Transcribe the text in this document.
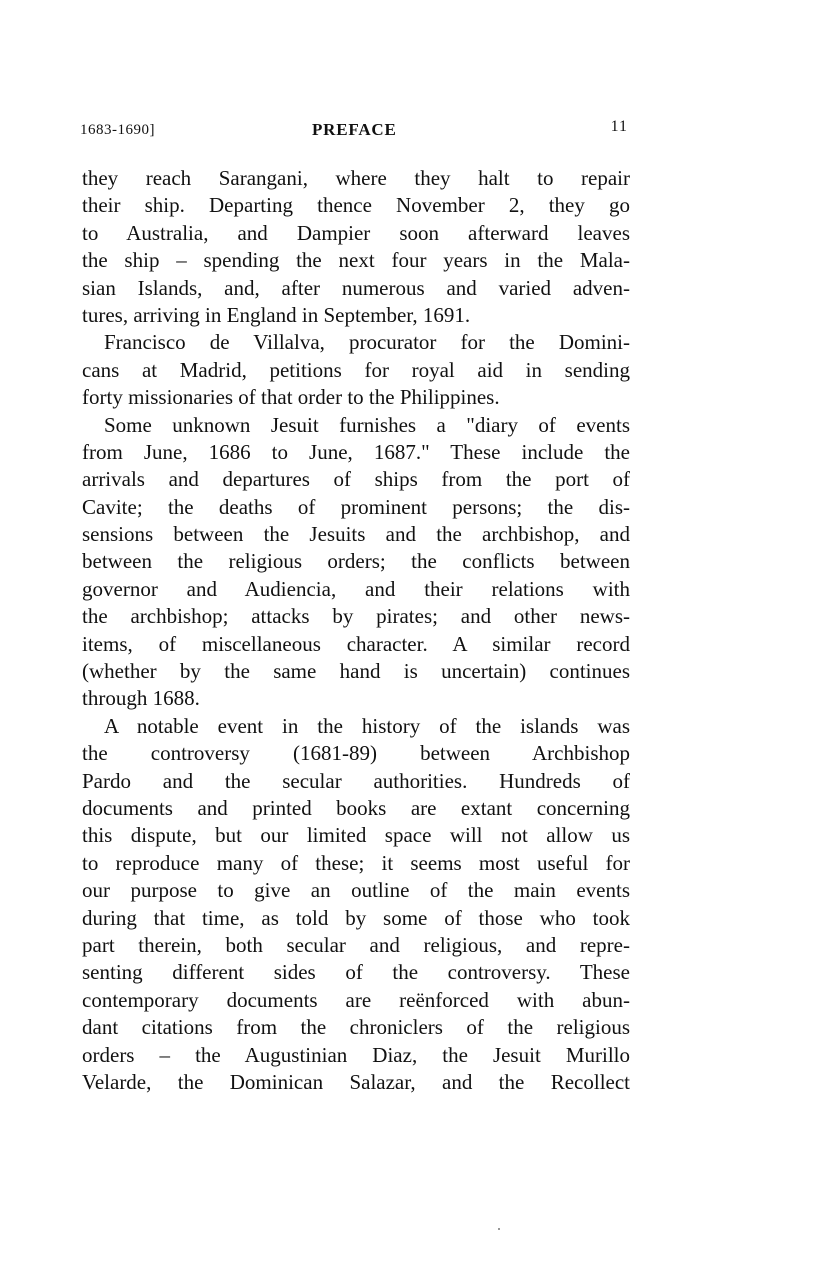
1683-1690]	PREFACE	11
they reach Sarangani, where they halt to repair
their ship. Departing thence November 2, they go
to Australia, and Dampier soon afterward leaves
the ship – spending the next four years in the Mala-
sian Islands, and, after numerous and varied adven-
tures, arriving in England in September, 1691.
Francisco de Villalva, procurator for the Domini-
cans at Madrid, petitions for royal aid in sending
forty missionaries of that order to the Philippines.
Some unknown Jesuit furnishes a "diary of events
from June, 1686 to June, 1687." These include the
arrivals and departures of ships from the port of
Cavite; the deaths of prominent persons; the dis-
sensions between the Jesuits and the archbishop, and
between the religious orders; the conflicts between
governor and Audiencia, and their relations with
the archbishop; attacks by pirates; and other news-
items, of miscellaneous character. A similar record
(whether by the same hand is uncertain) continues
through 1688.
A notable event in the history of the islands was
the controversy (1681-89) between Archbishop
Pardo and the secular authorities. Hundreds of
documents and printed books are extant concerning
this dispute, but our limited space will not allow us
to reproduce many of these; it seems most useful for
our purpose to give an outline of the main events
during that time, as told by some of those who took
part therein, both secular and religious, and repre-
senting different sides of the controversy. These
contemporary documents are reënforced with abun-
dant citations from the chroniclers of the religious
orders – the Augustinian Diaz, the Jesuit Murillo
Velarde, the Dominican Salazar, and the Recollect
